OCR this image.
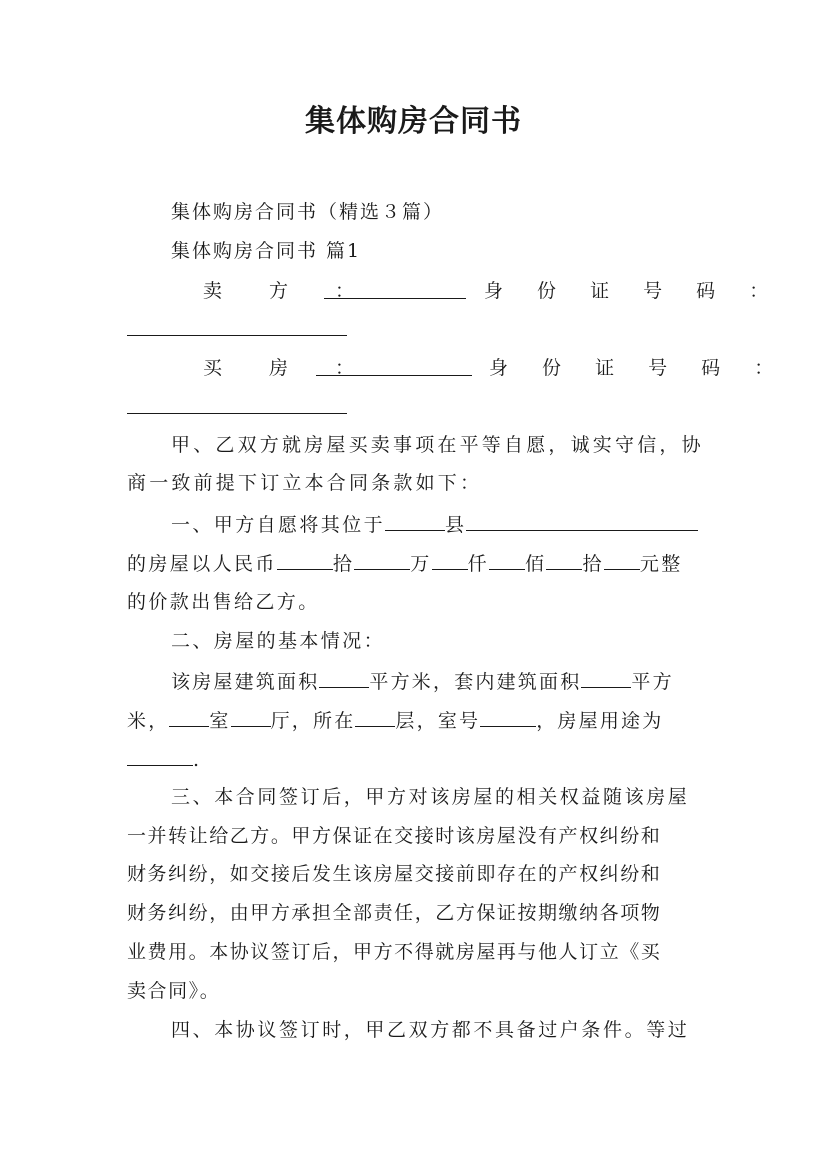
集体购房合同书
集体购房合同书（精选３篇）
集体购房合同书 篇1
卖　方　：	身 份 证 号 码 ：
买　房　：	身 份 证 号 码 ：
甲、乙双方就房屋买卖事项在平等自愿，诚实守信，协
商一致前提下订立本合同条款如下：
一、甲方自愿将其位于	县
的房屋以人民币	拾	万 仟 佰 拾 元整
的价款出售给乙方。
二、房屋的基本情况：
该房屋建筑面积	平方米，套内建筑面积	平方
米， 室 厅，所在 层，室号	，房屋用途为
.
三、本合同签订后，甲方对该房屋的相关权益随该房屋
一并转让给乙方。甲方保证在交接时该房屋没有产权纠纷和
财务纠纷，如交接后发生该房屋交接前即存在的产权纠纷和
财务纠纷，由甲方承担全部责任，乙方保证按期缴纳各项物
业费用。本协议签订后，甲方不得就房屋再与他人订立《买
卖合同》。
四、本协议签订时，甲乙双方都不具备过户条件。等过
